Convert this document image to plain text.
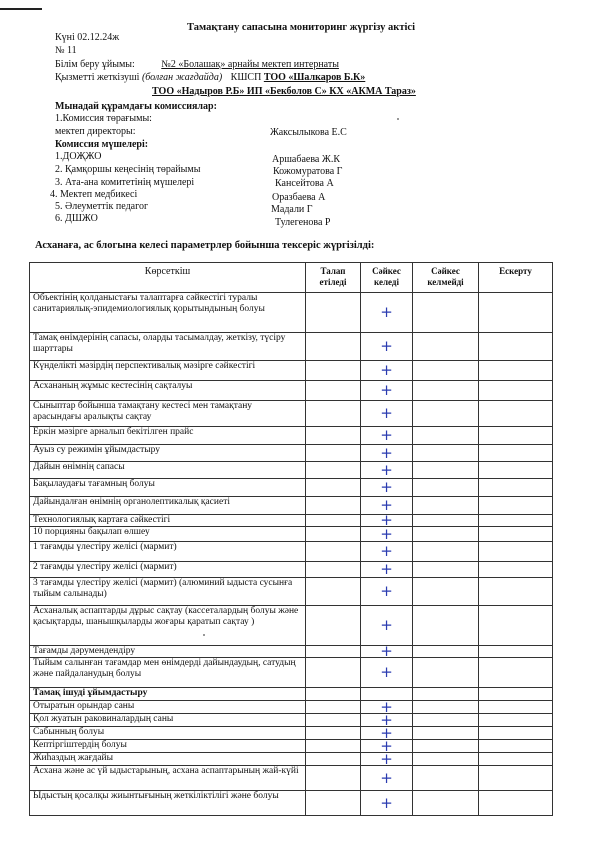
Тамақтану сапасына мониторинг жүргізу актісі
Күні 02.12.24ж
№ 11
Білім беру ұйымы:	№2 «Болашақ» арнайы мектеп интернаты
Қызметті жеткізуші (болған жағдайда) КШСП ТОО «Шалкаров Б.К»
ТОО «Надыров Р.Б» ИП «Бекболов С» КХ «АКМА Тараз»
Мынадай құрамдағы комиссиялар:
1.Комиссия төрағымы:
мектеп директоры:	Жаксылыкова Е.С
Комиссия мүшелері:
1.ДОҖЖО	Аршабаева Ж.К
2. Қамқоршы кеңесінің төрайымы	Кожомуратова Г
3. Ата-ана комитетінің мүшелері	Кансейтова А
4. Мектеп медбикесі	Оразбаева А
5. Әлеуметтік педагог	Мадали Г
6. ДШЖО	Тулегенова Р
Асханаға, ас блогына келесі параметрлер бойынша тексеріс жүргізілді:
Көрсеткіш	Талап етіледі	Сәйкес келеді	Сәйкес келмейді	Ескерту
Объектінің қолданыстағы талаптарға сәйкестігі туралы санитариялық-эпидемиологиялық қорытындының болуы		+		
Тамақ өнімдерінің сапасы, оларды тасымалдау, жеткізу, түсіру шарттары		+		
Күнделікті мәзірдің перспективалық мәзірге сәйкестігі		+		
Асхананың жұмыс кестесінің сақталуы		+		
Сыныптар бойынша тамақтану кестесі мен тамақтану арасындағы аралықты сақтау		+		
Еркін мәзірге арналып бекітілген прайс		+		
Ауыз су режимін ұйымдастыру		+		
Дайын өнімнің сапасы		+		
Бақылаудағы тағамның болуы		+		
Дайындалған өнімнің органолептикалық қасиеті		+		
Технологиялық картаға сәйкестігі		+		
10 порцияны бақылап өлшеу		+		
1 тағамды үлестіру желісі (мармит)		+		
2 тағамды үлестіру желісі (мармит)		+		
3 тағамды үлестіру желісі (мармит) (алюминий ыдыста сусынға тыйым салынады)		+		
Асханалық аспаптарды дұрыс сақтау (кассеталардың болуы және қасықтарды, шанышқыларды жоғары қаратып сақтау )		+		
Тағамды дәрумендендіру		+		
Тыйым салынған тағамдар мен өнімдерді дайындаудың, сатудың және пайдаланудың болуы		+		
Тамақ ішуді ұйымдастыру				
Отыратын орындар саны		+		
Қол жуатын раковиналардың саны		+		
Сабынның болуы		+		
Кептіргіштердің болуы		+		
Жиһаздың жағдайы		+		
Асхана және ас үй ыдыстарының, асхана аспаптарының жай-күйі		+		
Ыдыстың қосалқы жиынтығының жеткіліктілігі және болуы		+		
